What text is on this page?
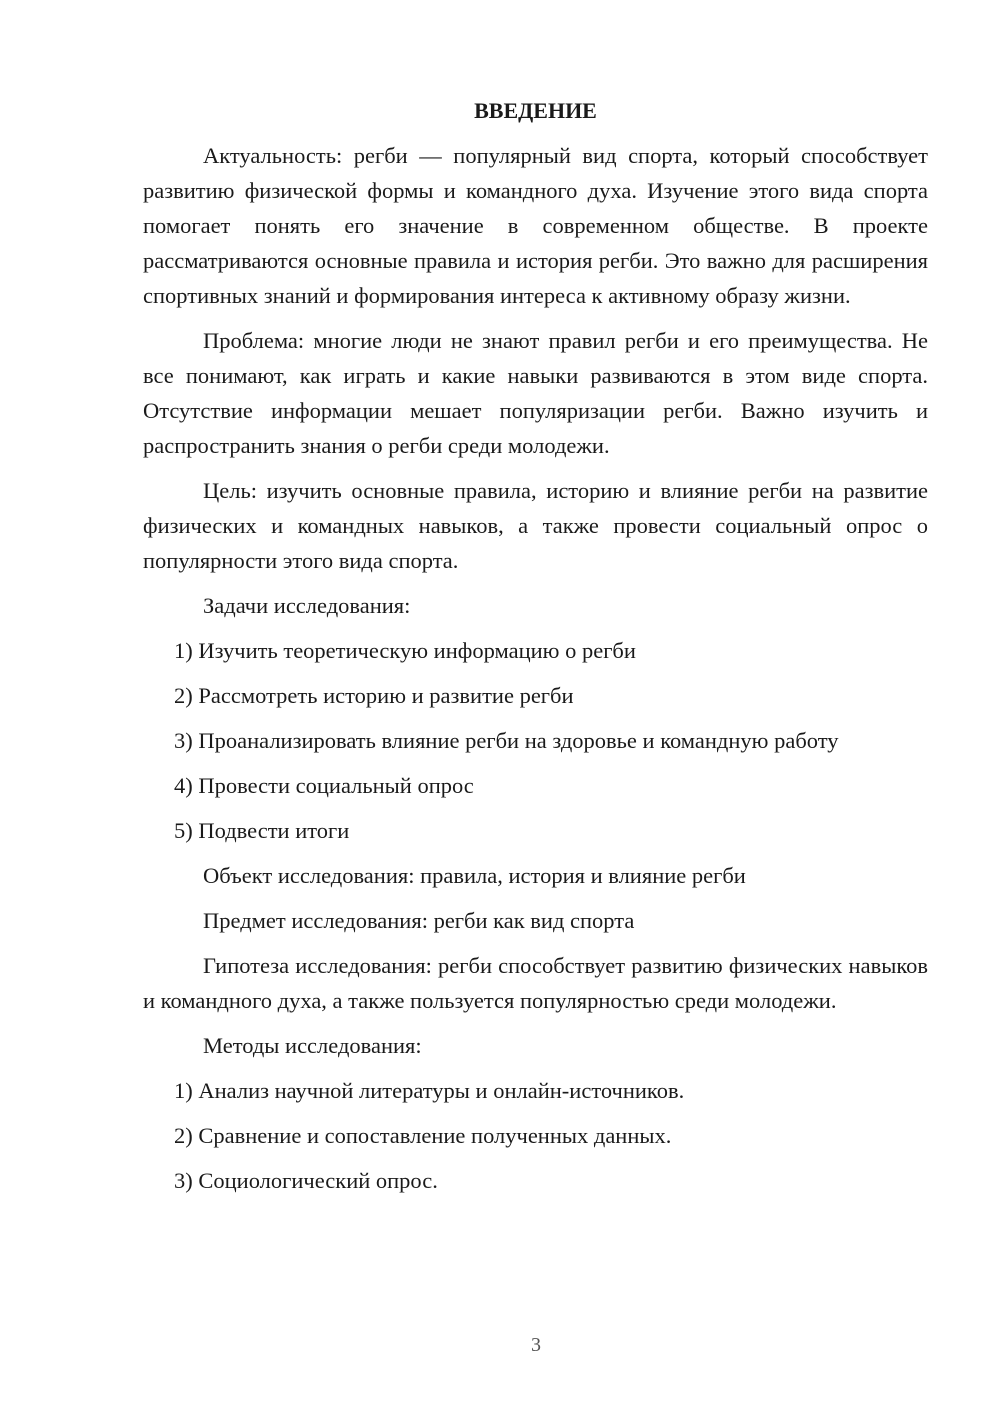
ВВЕДЕНИЕ

Актуальность: регби — популярный вид спорта, который способствует развитию физической формы и командного духа. Изучение этого вида спорта помогает понять его значение в современном обществе. В проекте рассматриваются основные правила и история регби. Это важно для расширения спортивных знаний и формирования интереса к активному образу жизни.

Проблема: многие люди не знают правил регби и его преимущества. Не все понимают, как играть и какие навыки развиваются в этом виде спорта. Отсутствие информации мешает популяризации регби. Важно изучить и распространить знания о регби среди молодежи.

Цель: изучить основные правила, историю и влияние регби на развитие физических и командных навыков, а также провести социальный опрос о популярности этого вида спорта.

Задачи исследования:
1) Изучить теоретическую информацию о регби
2) Рассмотреть историю и развитие регби
3) Проанализировать влияние регби на здоровье и командную работу
4) Провести социальный опрос
5) Подвести итоги
Объект исследования: правила, история и влияние регби
Предмет исследования: регби как вид спорта

Гипотеза исследования: регби способствует развитию физических навыков и командного духа, а также пользуется популярностью среди молодежи.

Методы исследования:
1) Анализ научной литературы и онлайн-источников.
2) Сравнение и сопоставление полученных данных.
3) Социологический опрос.
3
